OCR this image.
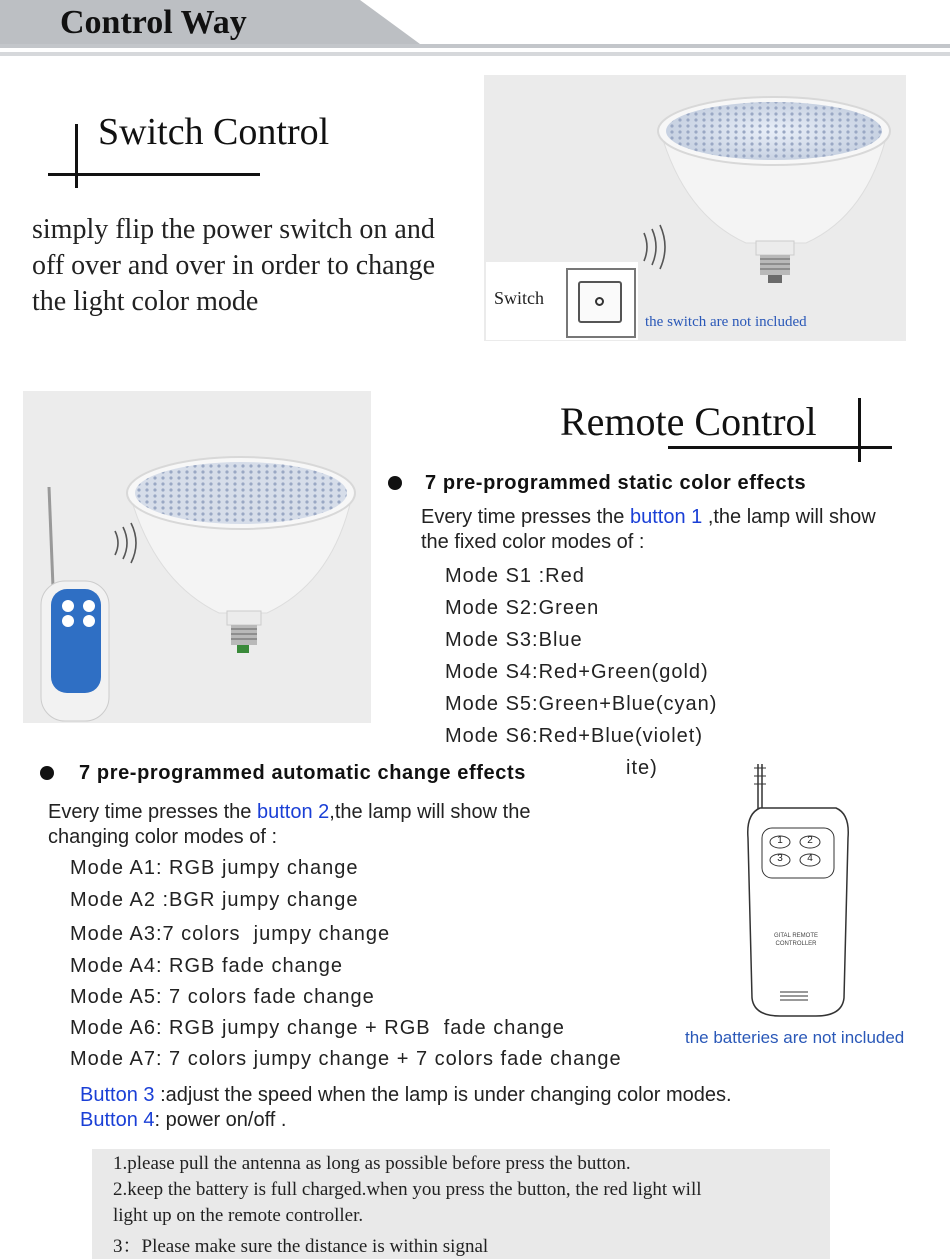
Control Way
Switch Control
simply flip the power switch on and off over and over in order to change the light color mode	Switch
the switch are not included
Remote Control
7 pre-programmed static color effects
Every time presses the button 1 ,the lamp will show
the fixed color modes of :
Mode S1 :Red
Mode S2:Green
Mode S3:Blue
Mode S4:Red+Green(gold)
Mode S5:Green+Blue(cyan)
Mode S6:Red+Blue(violet)
ite)
7 pre-programmed automatic change effects
Every time presses the button 2,the lamp will show the
changing color modes of :
Mode A1: RGB jumpy change
Mode A2 :BGR jumpy change
Mode A3:7 colors  jumpy change
Mode A4: RGB fade change
Mode A5: 7 colors fade change
Mode A6: RGB jumpy change + RGB  fade change
Mode A7: 7 colors jumpy change + 7 colors fade change
1 2
3 4
GITAL REMOTE
CONTROLLER
the batteries are not included
Button 3 :adjust the speed when the lamp is under changing color modes.
Button 4: power on/off .
1.please pull the antenna as long as possible before press the button.
2.keep the battery is full charged.when you press the button, the red light will
light up on the remote controller.
3：Please make sure the distance is within signal
